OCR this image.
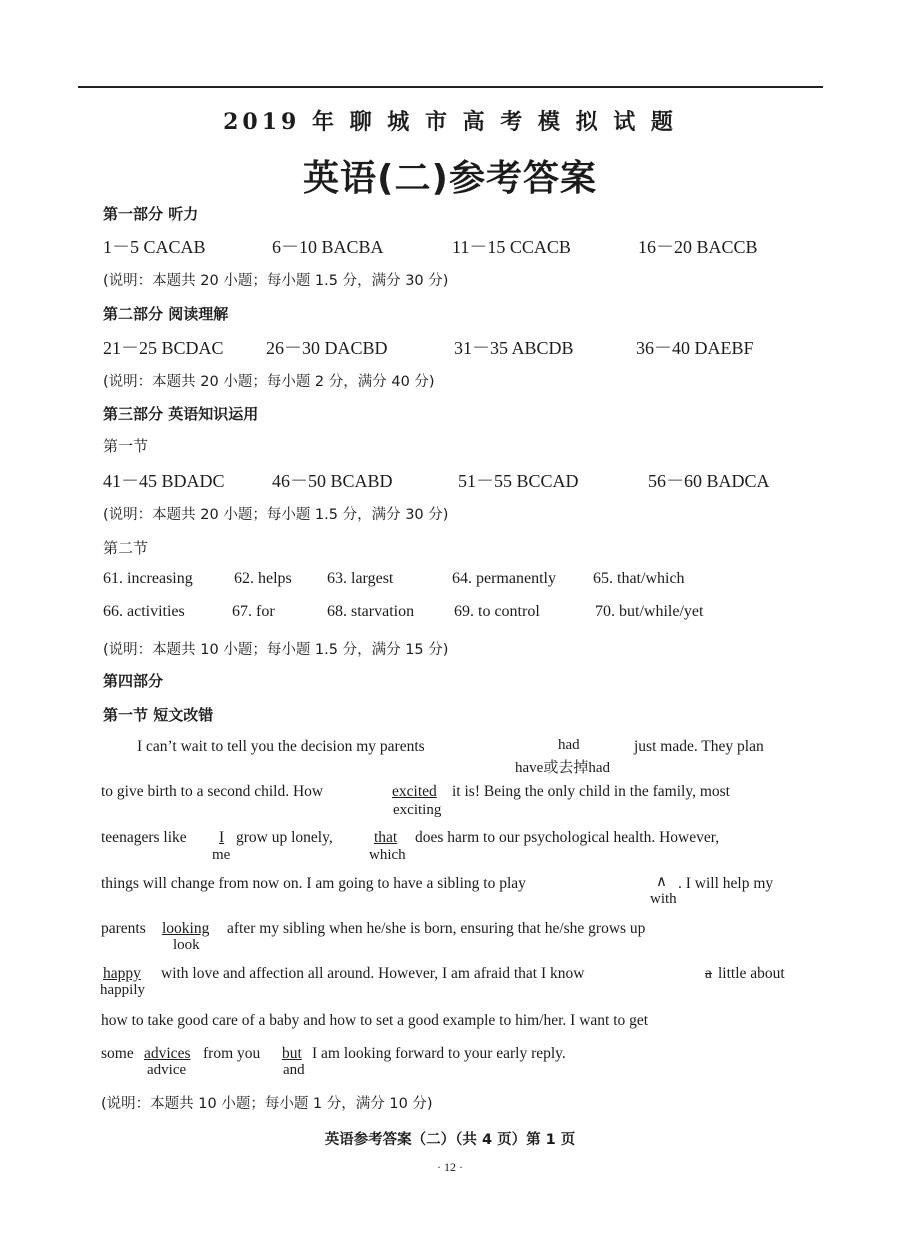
2019 年 聊 城 市 高 考 模 拟 试 题
英语(二)参考答案
第一部分 听力
1－5 CACAB	6－10 BACBA	11－15 CCACB	16－20 BACCB
(说明：本题共 20 小题；每小题 1.5 分，满分 30 分)
第二部分 阅读理解
21－25 BCDAC 26－30 DACBD	31－35 ABCDB	36－40 DAEBF
(说明：本题共 20 小题；每小题 2 分，满分 40 分)
第三部分 英语知识运用
第一节
41－45 BDADC	46－50 BCABD	51－55 BCCAD	56－60 BADCA
(说明：本题共 20 小题；每小题 1.5 分，满分 30 分)
第二节
61. increasing	62. helps 63. largest	64. permanently 65. that/which
66. activities	67. for	68. starvation 69. to control	70. but/while/yet
(说明：本题共 10 小题；每小题 1.5 分，满分 15 分)
第四部分
第一节 短文改错
I can’t wait to tell you the decision my parents	had
have或去掉had
just made. They plan
to give birth to a second child. How	excited it is! Being the only child in the family, most
exciting
teenagers like I grow up lonely,	that does harm to our psychological health. However,
me	which
things will change from now on. I am going to have a sibling to play	∧ . I will help my
with
parents looking after my sibling when he/she is born, ensuring that he/she grows up
look
happy with love and affection all around. However, I am afraid that I know	a little about
happily
how to take good care of a baby and how to set a good example to him/her. I want to get
some advices from you but I am looking forward to your early reply.
advice	and
(说明：本题共 10 小题；每小题 1 分，满分 10 分)
英语参考答案（二）（共 4 页）第 1 页
· 12 ·
